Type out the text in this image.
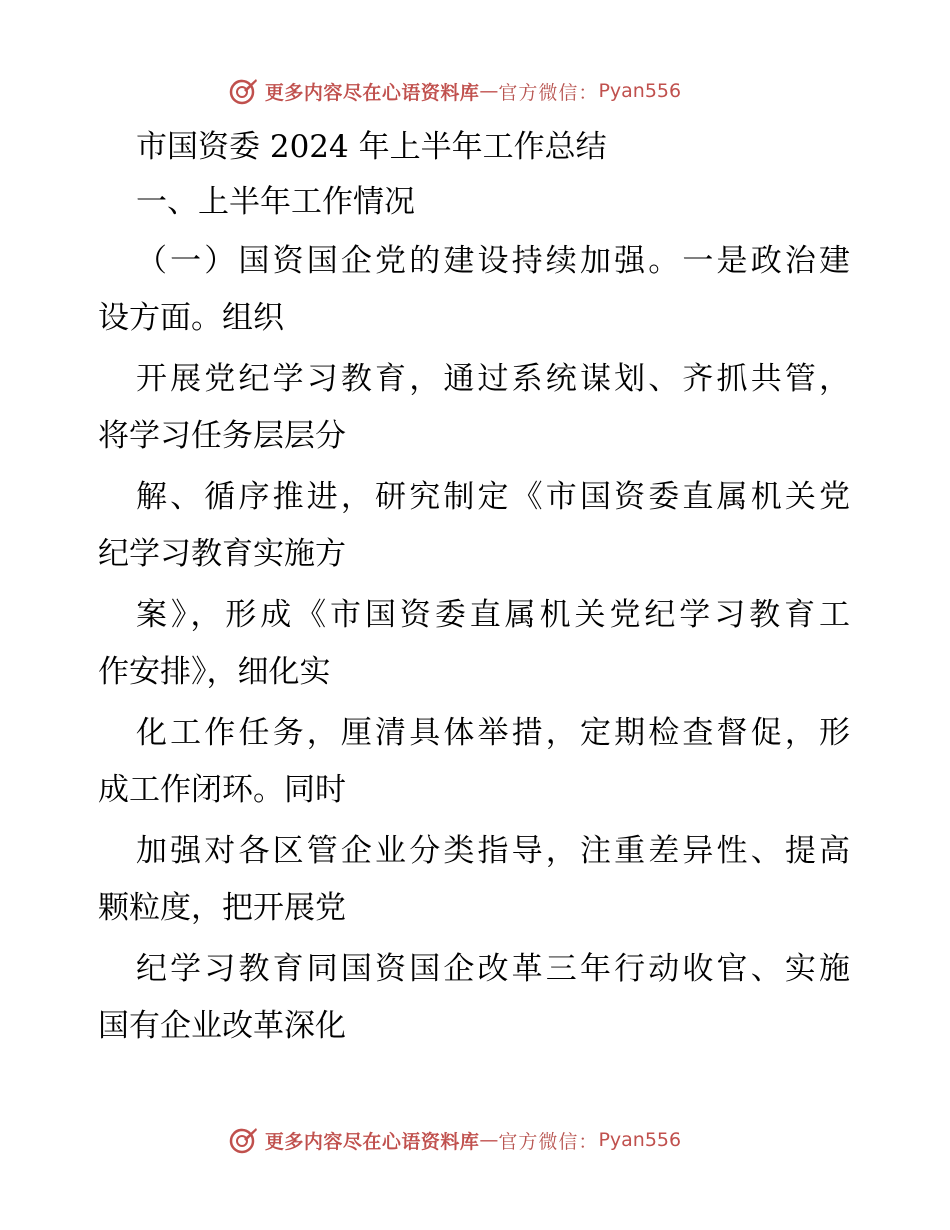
更多内容尽在心语资料库 — 官方微信： Pyan556
市国资委 2024 年上半年工作总结
一、上半年工作情况
（一）国资国企党的建设持续加强。一是政治建
设方面。组织
开展党纪学习教育，通过系统谋划、齐抓共管，
将学习任务层层分
解、循序推进，研究制定《市国资委直属机关党
纪学习教育实施方
案》，形成《市国资委直属机关党纪学习教育工
作安排》，细化实
化工作任务，厘清具体举措，定期检查督促，形
成工作闭环。同时
加强对各区管企业分类指导，注重差异性、提高
颗粒度，把开展党
纪学习教育同国资国企改革三年行动收官、实施
国有企业改革深化
更多内容尽在心语资料库 — 官方微信： Pyan556
